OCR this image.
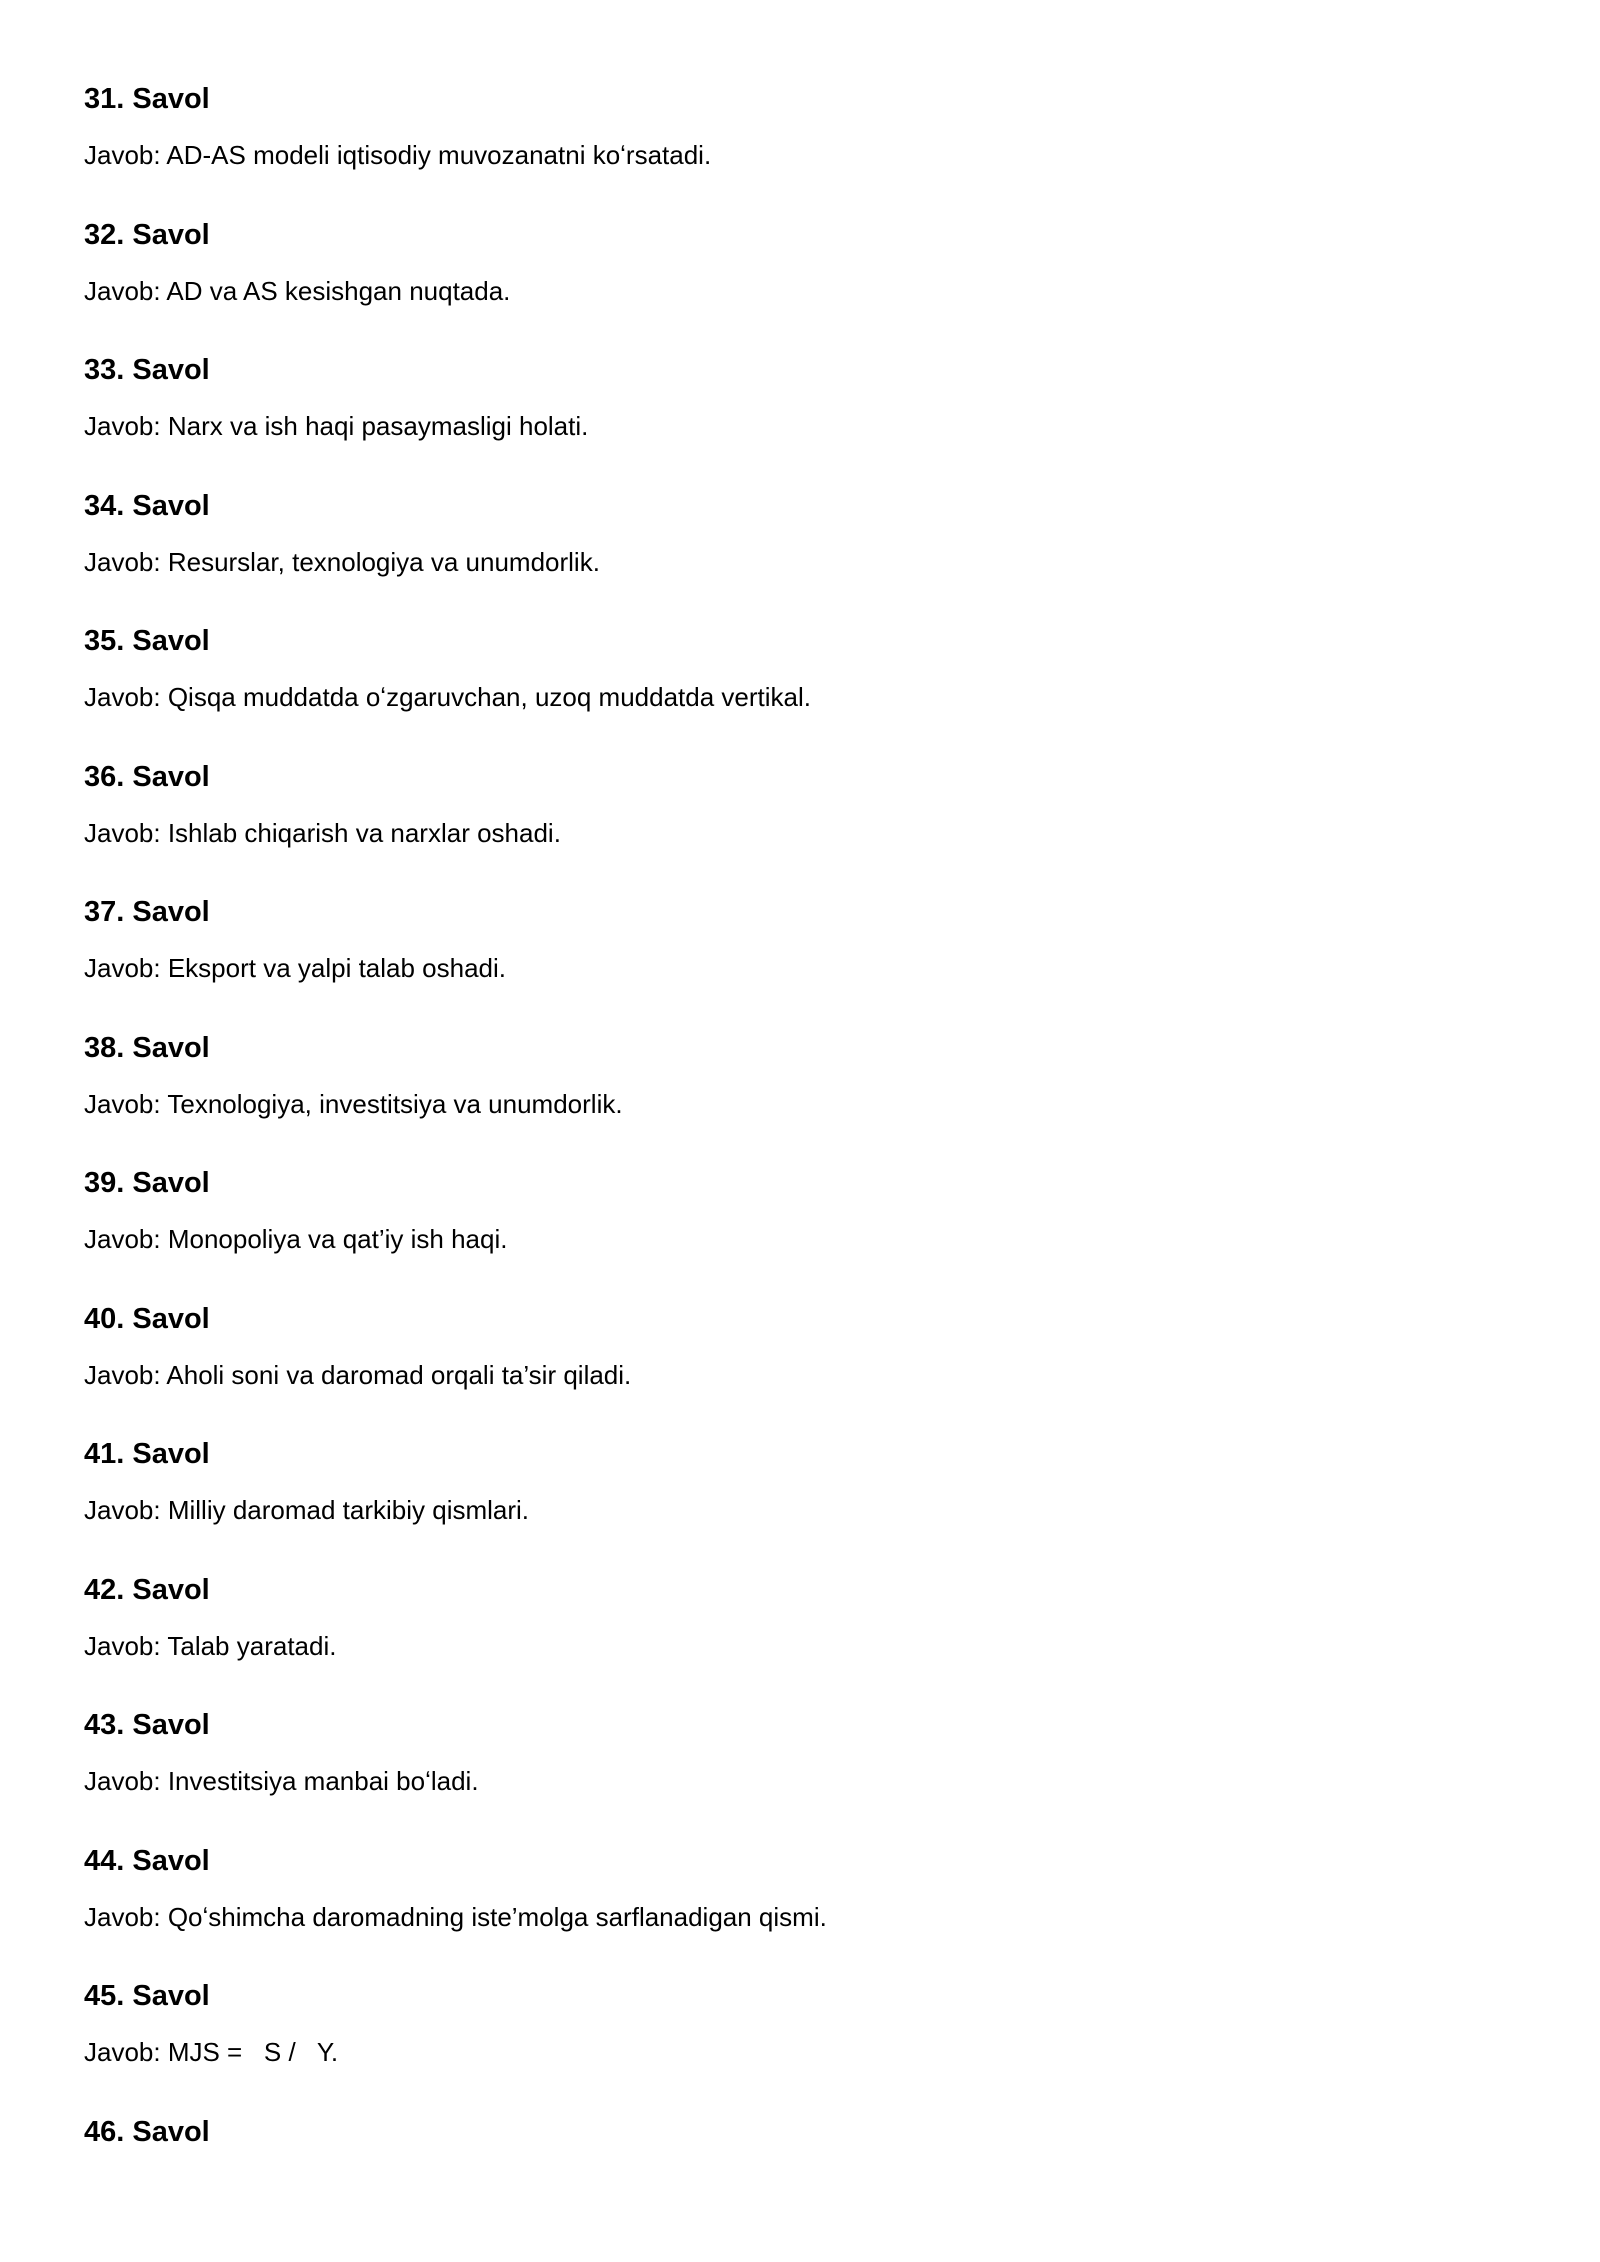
31. Savol

Javob: AD-AS modeli iqtisodiy muvozanatni koʻrsatadi.

32. Savol

Javob: AD va AS kesishgan nuqtada.

33. Savol

Javob: Narx va ish haqi pasaymasligi holati.

34. Savol

Javob: Resurslar, texnologiya va unumdorlik.

35. Savol

Javob: Qisqa muddatda oʻzgaruvchan, uzoq muddatda vertikal.

36. Savol

Javob: Ishlab chiqarish va narxlar oshadi.

37. Savol

Javob: Eksport va yalpi talab oshadi.

38. Savol

Javob: Texnologiya, investitsiya va unumdorlik.

39. Savol

Javob: Monopoliya va qat’iy ish haqi.

40. Savol

Javob: Aholi soni va daromad orqali ta’sir qiladi.

41. Savol

Javob: Milliy daromad tarkibiy qismlari.

42. Savol

Javob: Talab yaratadi.

43. Savol

Javob: Investitsiya manbai boʻladi.

44. Savol

Javob: Qoʻshimcha daromadning iste’molga sarflanadigan qismi.

45. Savol

Javob: MJS =   S /   Y.

46. Savol
